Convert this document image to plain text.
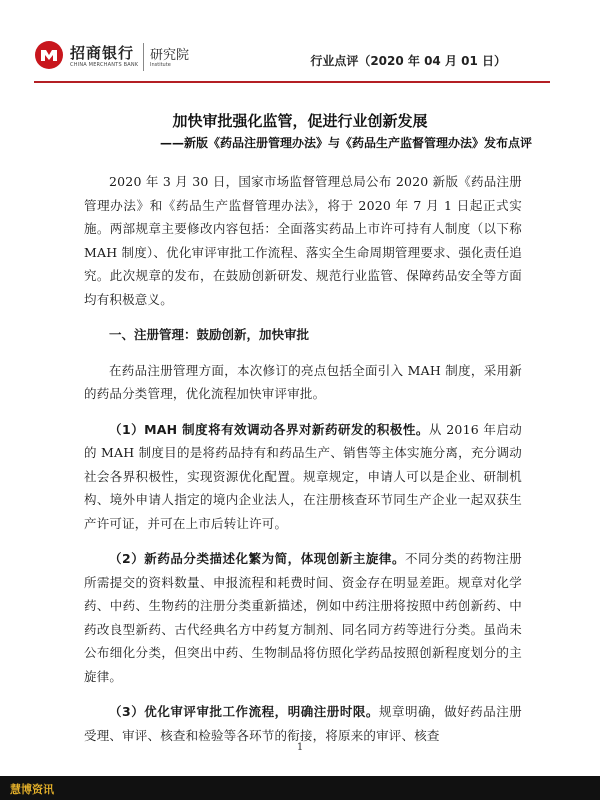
招商银行
CHINA MERCHANTS BANK
研究院
Institute	行业点评（2020 年 04 月 01 日）
加快审批强化监管，促进行业创新发展
——新版《药品注册管理办法》与《药品生产监督管理办法》发布点评

2020 年 3 月 30 日，国家市场监督管理总局公布 2020 新版《药品注册管理办法》和《药品生产监督管理办法》，将于 2020 年 7 月 1 日起正式实施。两部规章主要修改内容包括：全面落实药品上市许可持有人制度（以下称 MAH 制度）、优化审评审批工作流程、落实全生命周期管理要求、强化责任追究。此次规章的发布，在鼓励创新研发、规范行业监管、保障药品安全等方面均有积极意义。

一、注册管理：鼓励创新，加快审批

在药品注册管理方面，本次修订的亮点包括全面引入 MAH 制度，采用新的药品分类管理，优化流程加快审评审批。

（1）MAH 制度将有效调动各界对新药研发的积极性。从 2016 年启动的 MAH 制度目的是将药品持有和药品生产、销售等主体实施分离，充分调动社会各界积极性，实现资源优化配置。规章规定，申请人可以是企业、研制机构、境外申请人指定的境内企业法人，在注册核查环节同生产企业一起双获生产许可证，并可在上市后转让许可。

（2）新药品分类描述化繁为简，体现创新主旋律。不同分类的药物注册所需提交的资料数量、申报流程和耗费时间、资金存在明显差距。规章对化学药、中药、生物药的注册分类重新描述，例如中药注册将按照中药创新药、中药改良型新药、古代经典名方中药复方制剂、同名同方药等进行分类。虽尚未公布细化分类，但突出中药、生物制品将仿照化学药品按照创新程度划分的主旋律。

（3）优化审评审批工作流程，明确注册时限。规章明确，做好药品注册受理、审评、核查和检验等各环节的衔接，将原来的审评、核查

1
慧博资讯
